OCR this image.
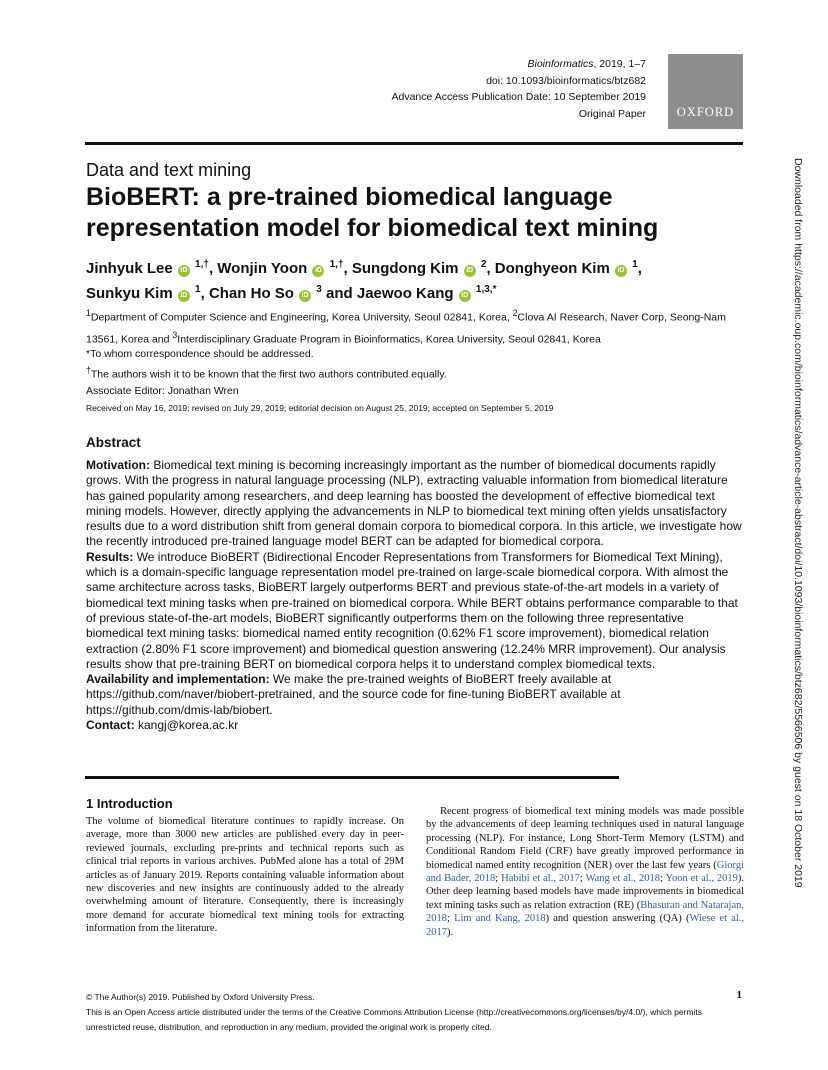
Bioinformatics, 2019, 1–7
doi: 10.1093/bioinformatics/btz682
Advance Access Publication Date: 10 September 2019
Original Paper	OXFORD
Data and text mining
BioBERT: a pre-trained biomedical language representation model for biomedical text mining
Jinhyuk Lee iD $^{1,\dagger}$, Wonjin Yoon iD $^{1,\dagger}$, Sungdong Kim iD $^2$, Donghyeon Kim iD $^1$,
Sunkyu Kim iD $^1$, Chan Ho So iD $^3$ and Jaewoo Kang iD $^{1,3,*}$
$^1$Department of Computer Science and Engineering, Korea University, Seoul 02841, Korea, $^2$Clova AI Research, Naver Corp, Seong-Nam 13561, Korea and $^3$Interdisciplinary Graduate Program in Bioinformatics, Korea University, Seoul 02841, Korea
*To whom correspondence should be addressed.
†The authors wish it to be known that the first two authors contributed equally.
Associate Editor: Jonathan Wren
Received on May 16, 2019; revised on July 29, 2019; editorial decision on August 25, 2019; accepted on September 5, 2019
Abstract

Motivation: Biomedical text mining is becoming increasingly important as the number of biomedical documents rapidly grows. With the progress in natural language processing (NLP), extracting valuable information from biomedical literature has gained popularity among researchers, and deep learning has boosted the development of effective biomedical text mining models. However, directly applying the advancements in NLP to biomedical text mining often yields unsatisfactory results due to a word distribution shift from general domain corpora to biomedical corpora. In this article, we investigate how the recently introduced pre-trained language model BERT can be adapted for biomedical corpora.

Results: We introduce BioBERT (Bidirectional Encoder Representations from Transformers for Biomedical Text Mining), which is a domain-specific language representation model pre-trained on large-scale biomedical corpora. With almost the same architecture across tasks, BioBERT largely outperforms BERT and previous state-of-the-art models in a variety of biomedical text mining tasks when pre-trained on biomedical corpora. While BERT obtains performance comparable to that of previous state-of-the-art models, BioBERT significantly outperforms them on the following three representative biomedical text mining tasks: biomedical named entity recognition (0.62% F1 score improvement), biomedical relation extraction (2.80% F1 score improvement) and biomedical question answering (12.24% MRR improvement). Our analysis results show that pre-training BERT on biomedical corpora helps it to understand complex biomedical texts.

Availability and implementation: We make the pre-trained weights of BioBERT freely available at https://github.com/naver/biobert-pretrained, and the source code for fine-tuning BioBERT available at https://github.com/dmis-lab/biobert.

Contact: kangj@korea.ac.kr

1 Introduction
The volume of biomedical literature continues to rapidly increase. On average, more than 3000 new articles are published every day in peer-reviewed journals, excluding pre-prints and technical reports such as clinical trial reports in various archives. PubMed alone has a total of 29M articles as of January 2019. Reports containing valuable information about new discoveries and new insights are continuously added to the already overwhelming amount of literature. Consequently, there is increasingly more demand for accurate biomedical text mining tools for extracting information from the literature.
Recent progress of biomedical text mining models was made possible by the advancements of deep learning techniques used in natural language processing (NLP). For instance, Long Short-Term Memory (LSTM) and Conditional Random Field (CRF) have greatly improved performance in biomedical named entity recognition (NER) over the last few years (Giorgi and Bader, 2018; Habibi et al., 2017; Wang et al., 2018; Yoon et al., 2019). Other deep learning based models have made improvements in biomedical text mining tasks such as relation extraction (RE) (Bhasuran and Natarajan, 2018; Lim and Kang, 2018) and question answering (QA) (Wiese et al., 2017).
© The Author(s) 2019. Published by Oxford University Press.
This is an Open Access article distributed under the terms of the Creative Commons Attribution License (http://creativecommons.org/licenses/by/4.0/), which permits unrestricted reuse, distribution, and reproduction in any medium, provided the original work is properly cited.
1
Downloaded from https://academic.oup.com/bioinformatics/advance-article-abstract/doi/10.1093/bioinformatics/btz682/5566506 by guest on 18 October 2019
